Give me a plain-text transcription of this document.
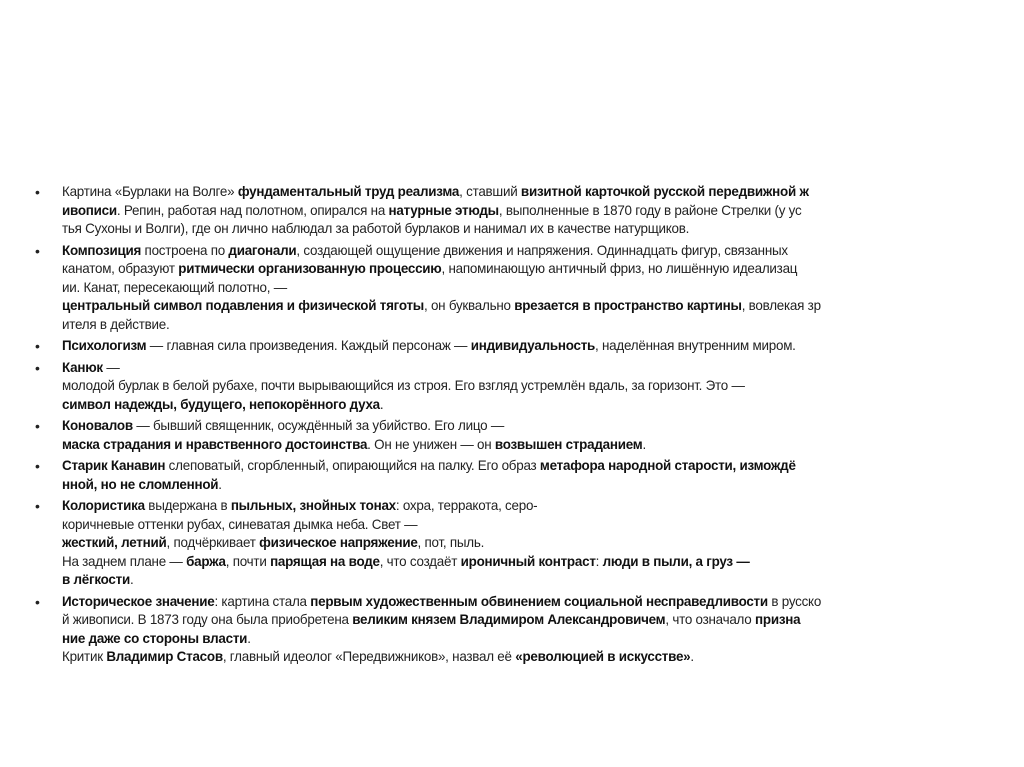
• Картина «Бурлаки на Волге» фундаментальный труд реализма, ставший визитной карточкой русской передвижной ж
ивописи. Репин, работая над полотном, опирался на натурные этюды, выполненные в 1870 году в районе Стрелки (у ус
тья Сухоны и Волги), где он лично наблюдал за работой бурлаков и нанимал их в качестве натурщиков.
• Композиция построена по диагонали, создающей ощущение движения и напряжения. Одиннадцать фигур, связанных
канатом, образуют ритмически организованную процессию, напоминающую античный фриз, но лишённую идеализац
ии. Канат, пересекающий полотно, —
центральный символ подавления и физической тяготы, он буквально врезается в пространство картины, вовлекая зр
ителя в действие.
• Психологизм — главная сила произведения. Каждый персонаж — индивидуальность, наделённая внутренним миром.
• Канюк —
молодой бурлак в белой рубахе, почти вырывающийся из строя. Его взгляд устремлён вдаль, за горизонт. Это —
символ надежды, будущего, непокорённого духа.
• Коновалов — бывший священник, осуждённый за убийство. Его лицо —
маска страдания и нравственного достоинства. Он не унижен — он возвышен страданием.
• Старик Канавин слеповатый, сгорбленный, опирающийся на палку. Его образ метафора народной старости, измождё
нной, но не сломленной.
• Колористика выдержана в пыльных, знойных тонах: охра, терракота, серо-
коричневые оттенки рубах, синеватая дымка неба. Свет —
жесткий, летний, подчёркивает физическое напряжение, пот, пыль.
На заднем плане — баржа, почти парящая на воде, что создаёт ироничный контраст: люди в пыли, а груз —
в лёгкости.
• Историческое значение: картина стала первым художественным обвинением социальной несправедливости в русско
й живописи. В 1873 году она была приобретена великим князем Владимиром Александровичем, что означало призна
ние даже со стороны власти.
Критик Владимир Стасов, главный идеолог «Передвижников», назвал её «революцией в искусстве».
